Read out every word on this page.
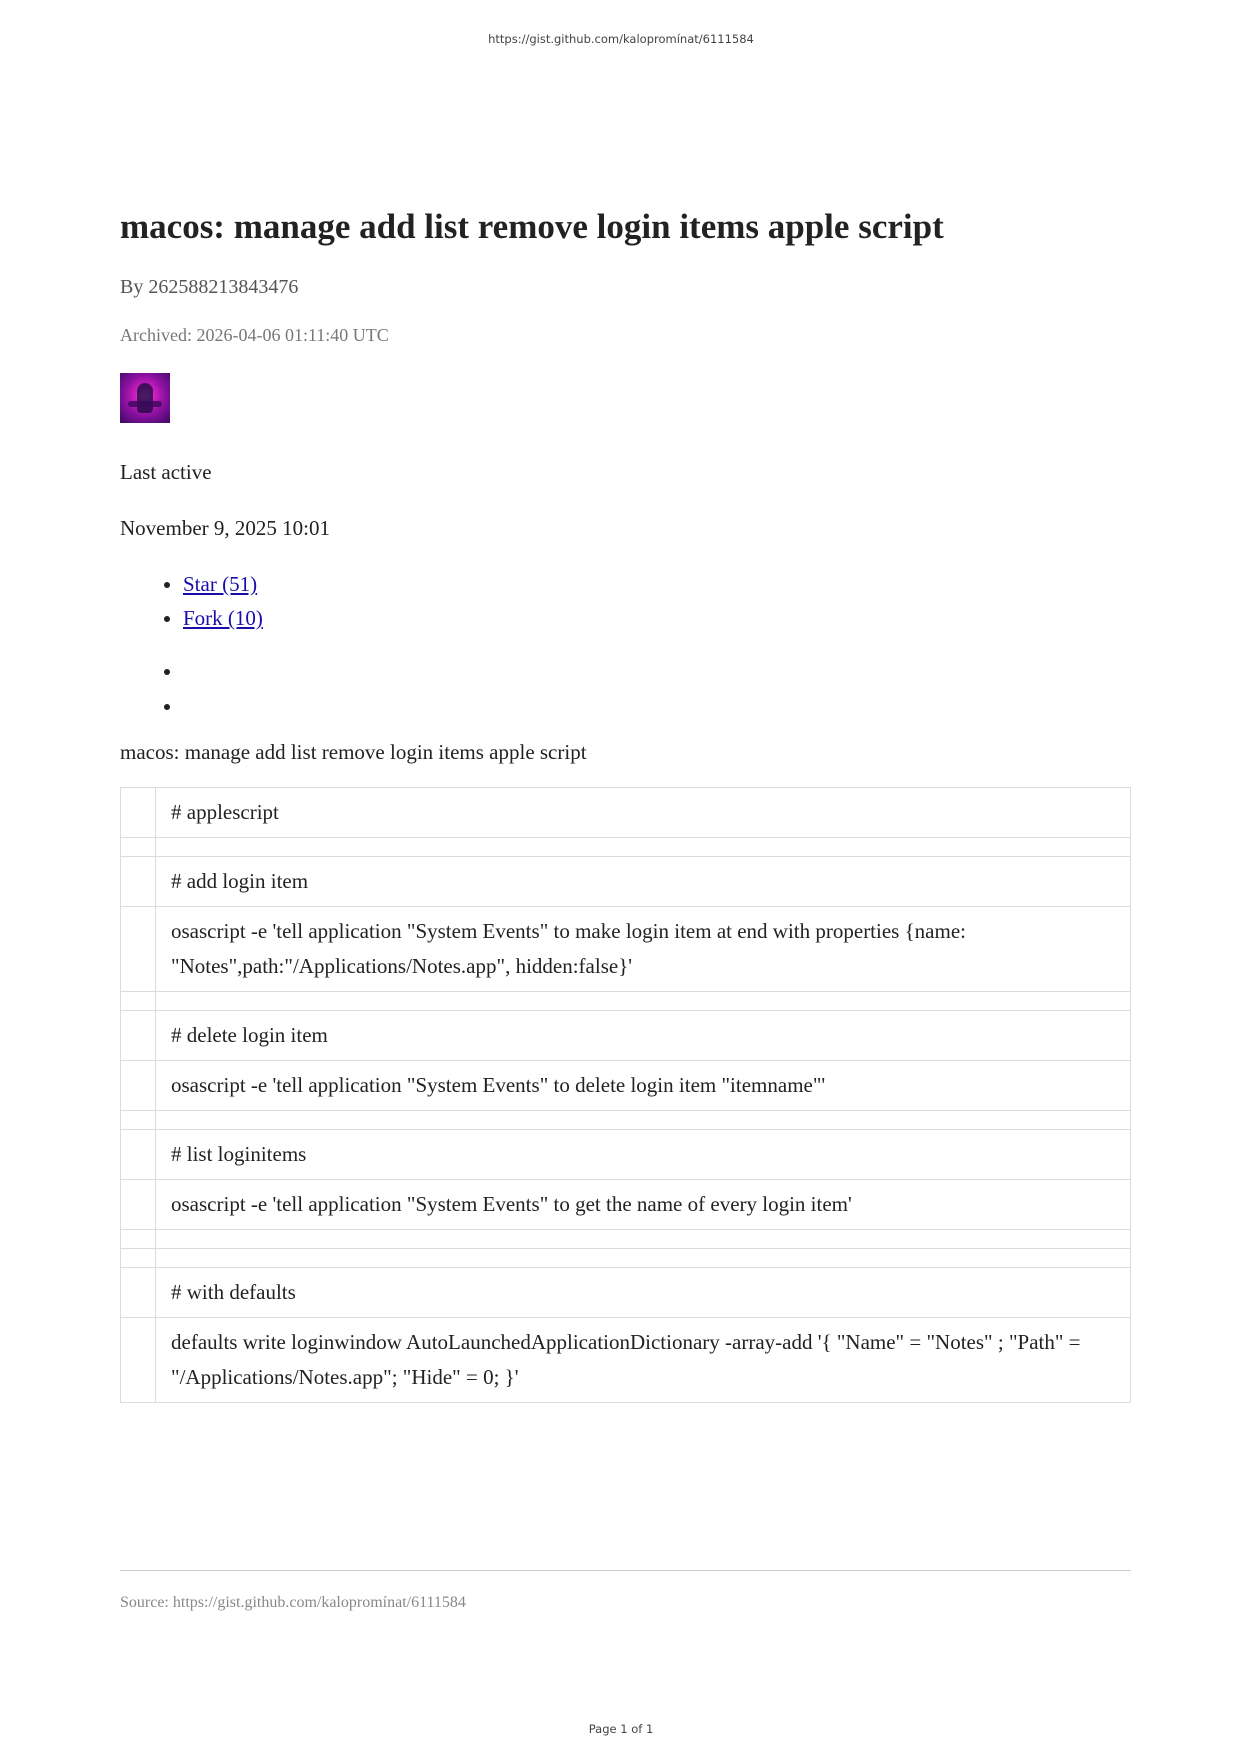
https://gist.github.com/kalopromínat/6111584
macos: manage add list remove login items apple script
By 262588213843476
Archived: 2026-04-06 01:11:40 UTC
Last active
November 9, 2025 10:01
• Star (51)
• Fork (10)
•
•
macos: manage add list remove login items apple script
	# applescript

	# add login item
	osascript -e 'tell application "System Events" to make login item at end with properties {name: "Notes",path:"/Applications/Notes.app", hidden:false}'

	# delete login item
	osascript -e 'tell application "System Events" to delete login item "itemname"'

	# list loginitems
	osascript -e 'tell application "System Events" to get the name of every login item'

	# with defaults
	defaults write loginwindow AutoLaunchedApplicationDictionary -array-add '{ "Name" = "Notes" ; "Path" = "/Applications/Notes.app"; "Hide" = 0; }'
Source: https://gist.github.com/kalopromínat/6111584
Page 1 of 1
